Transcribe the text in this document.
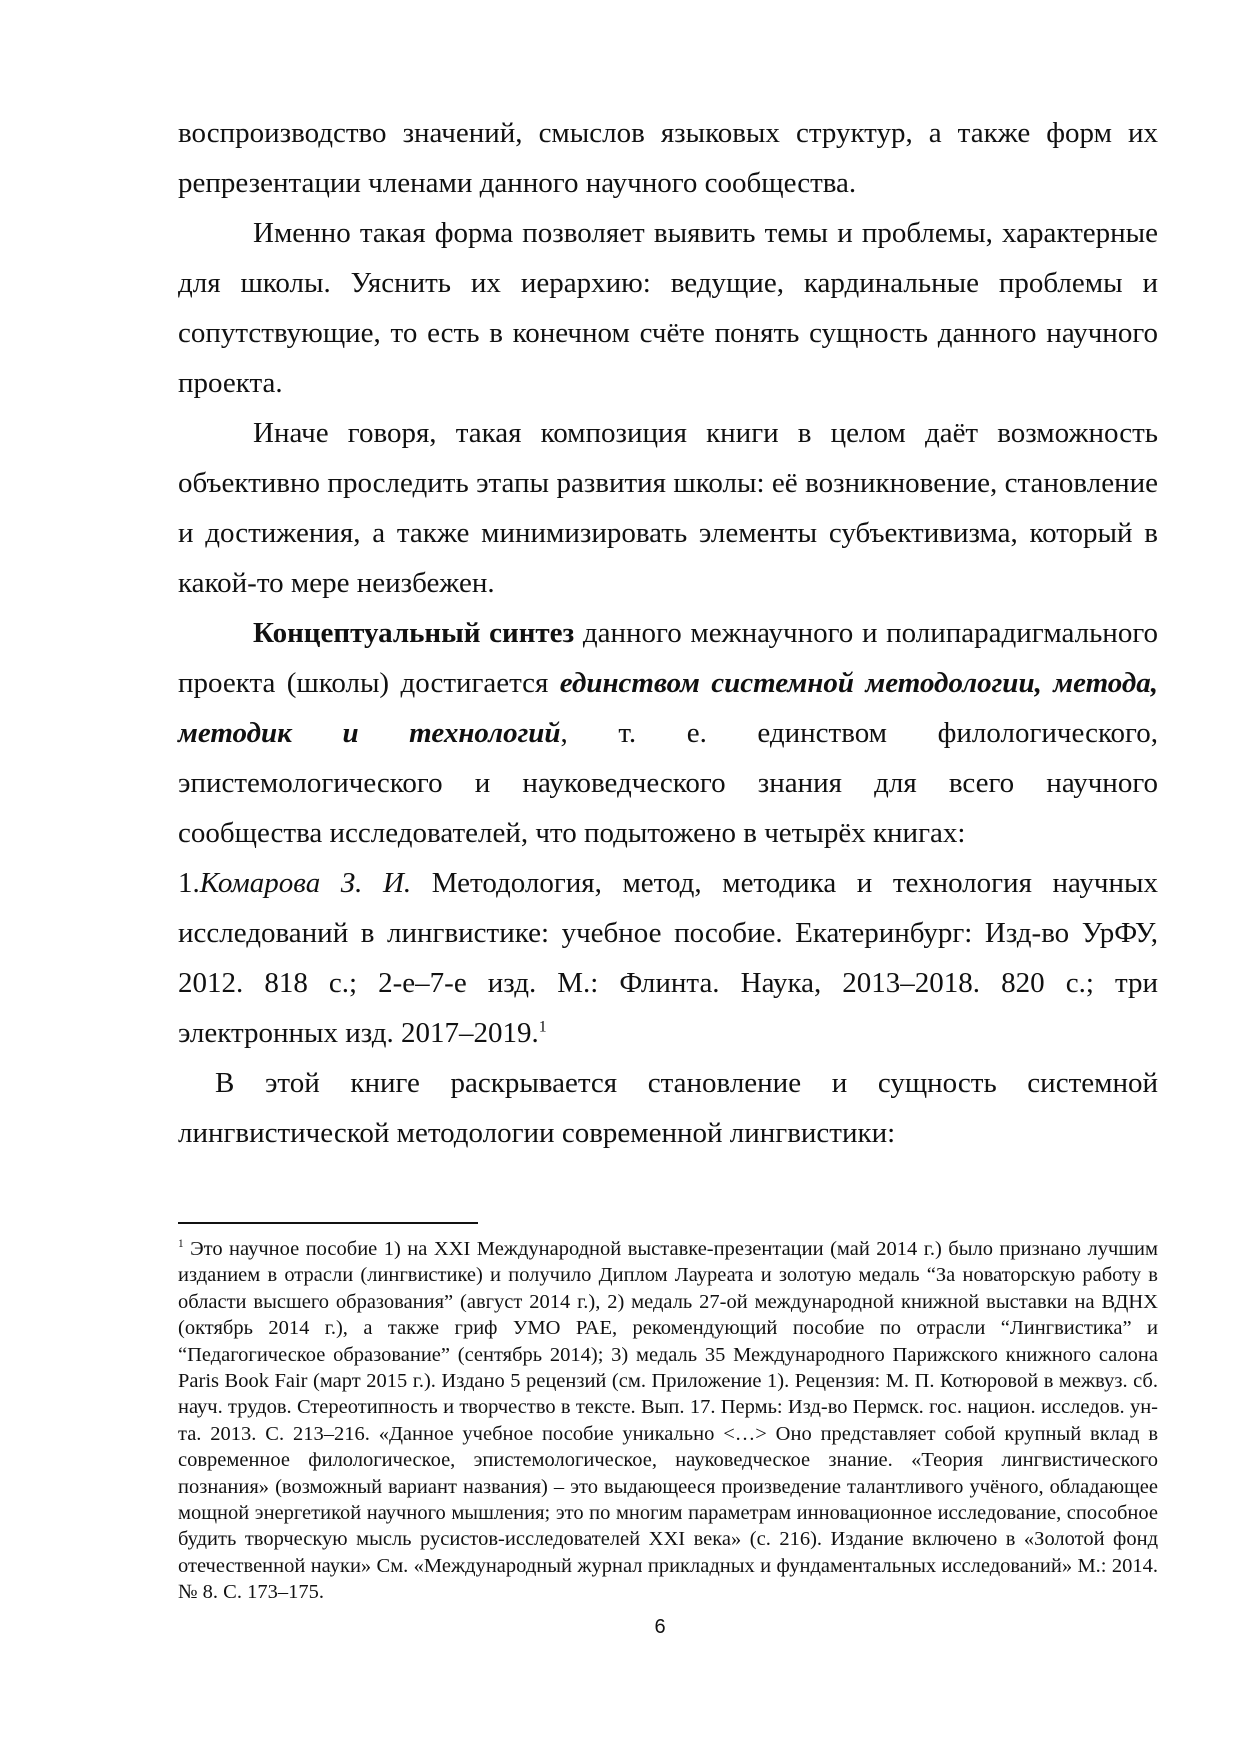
воспроизводство значений, смыслов языковых структур, а также форм их репрезентации членами данного научного сообщества.

Именно такая форма позволяет выявить темы и проблемы, характерные для школы. Уяснить их иерархию: ведущие, кардинальные проблемы и сопутствующие, то есть в конечном счёте понять сущность данного научного проекта.

Иначе говоря, такая композиция книги в целом даёт возможность объективно проследить этапы развития школы: её возникновение, становление и достижения, а также минимизировать элементы субъективизма, который в какой-то мере неизбежен.

Концептуальный синтез данного межнаучного и полипарадигмального проекта (школы) достигается единством системной методологии, метода, методик и технологий, т. е. единством филологического, эпистемологического и науковедческого знания для всего научного сообщества исследователей, что подытожено в четырёх книгах:

1.Комарова З. И. Методология, метод, методика и технология научных исследований в лингвистике: учебное пособие. Екатеринбург: Изд-во УрФУ, 2012. 818 с.; 2-е–7-е изд. М.: Флинта. Наука, 2013–2018. 820 с.; три электронных изд. 2017–2019.$^1$

В этой книге раскрывается становление и сущность системной лингвистической методологии современной лингвистики:

$^1$ Это научное пособие 1) на XXI Международной выставке-презентации (май 2014 г.) было признано лучшим изданием в отрасли (лингвистике) и получило Диплом Лауреата и золотую медаль “За новаторскую работу в области высшего образования” (август 2014 г.), 2) медаль 27-ой международной книжной выставки на ВДНХ (октябрь 2014 г.), а также гриф УМО РАЕ, рекомендующий пособие по отрасли “Лингвистика” и “Педагогическое образование” (сентябрь 2014); 3) медаль 35 Международного Парижского книжного салона Paris Book Fair (март 2015 г.). Издано 5 рецензий (см. Приложение 1). Рецензия: М. П. Котюровой в межвуз. сб. науч. трудов. Стереотипность и творчество в тексте. Вып. 17. Пермь: Изд-во Пермск. гос. национ. исследов. ун-та. 2013. С. 213–216. «Данное учебное пособие уникально <…> Оно представляет собой крупный вклад в современное филологическое, эпистемологическое, науковедческое знание. «Теория лингвистического познания» (возможный вариант названия) – это выдающееся произведение талантливого учёного, обладающее мощной энергетикой научного мышления; это по многим параметрам инновационное исследование, способное будить творческую мысль русистов-исследователей XXI века» (с. 216). Издание включено в «Золотой фонд отечественной науки» См. «Международный журнал прикладных и фундаментальных исследований» М.: 2014. № 8. С. 173–175.

6
